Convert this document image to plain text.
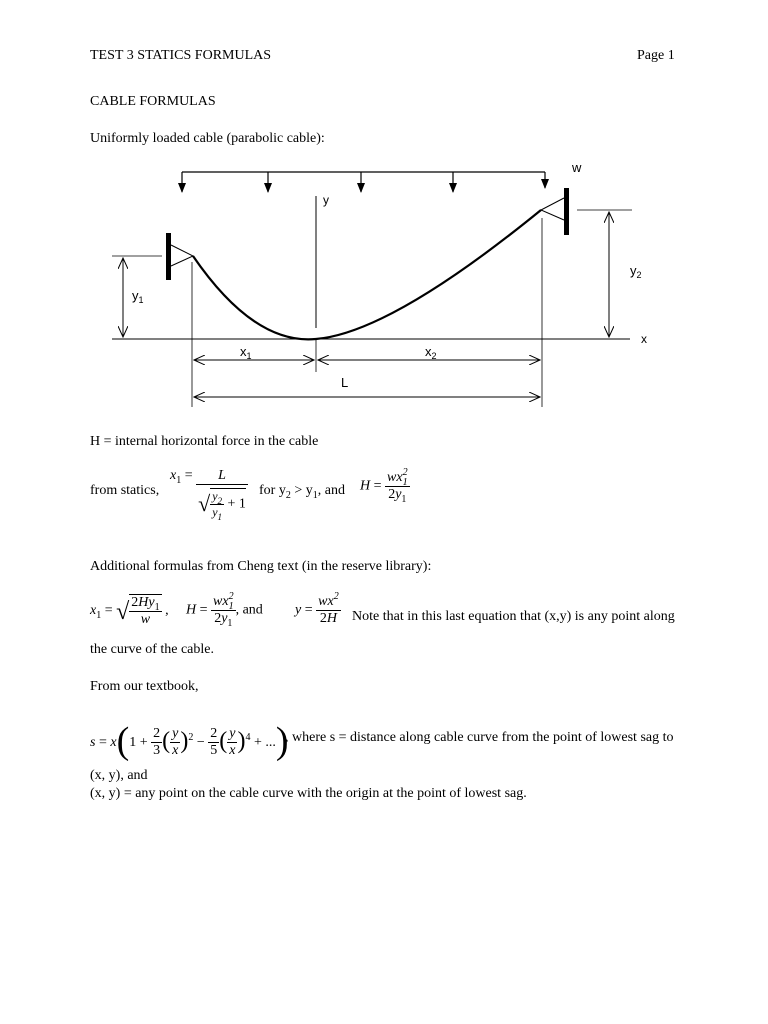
TEST 3 STATICS FORMULAS	Page 1
CABLE FORMULAS
Uniformly loaded cable (parabolic cable):
w
x
y
$y_1$
$y_2$
$x_1$	$x_2$
L
H = internal horizontal force in the cable
from statics,
$x_1 = \frac{L}{√ \frac{y_2}{y_1} + 1}$ for $y_2 > y_1$, and $H = \frac{wx^2_1}{2y_1}$
Additional formulas from Cheng text (in the reserve library):
$x_1$ = √ $\frac{2Hy_1}{w}$ , $H = \frac{wx^2_1}{2y_1}$ , and $y = \frac{wx^2}{2H}$ Note that in this last equation that (x,y) is any point along
the curve of the cable.
From our textbook,
$s = x(1 + \frac{2}{3}$ ( $\frac{y}{x} )^2 - \frac{2}{5}$ ( $\frac{y}{x} )^4$ + ...)
, where s = distance along cable curve from the point of lowest sag to
(x, y), and
(x, y) = any point on the cable curve with the origin at the point of lowest sag.
